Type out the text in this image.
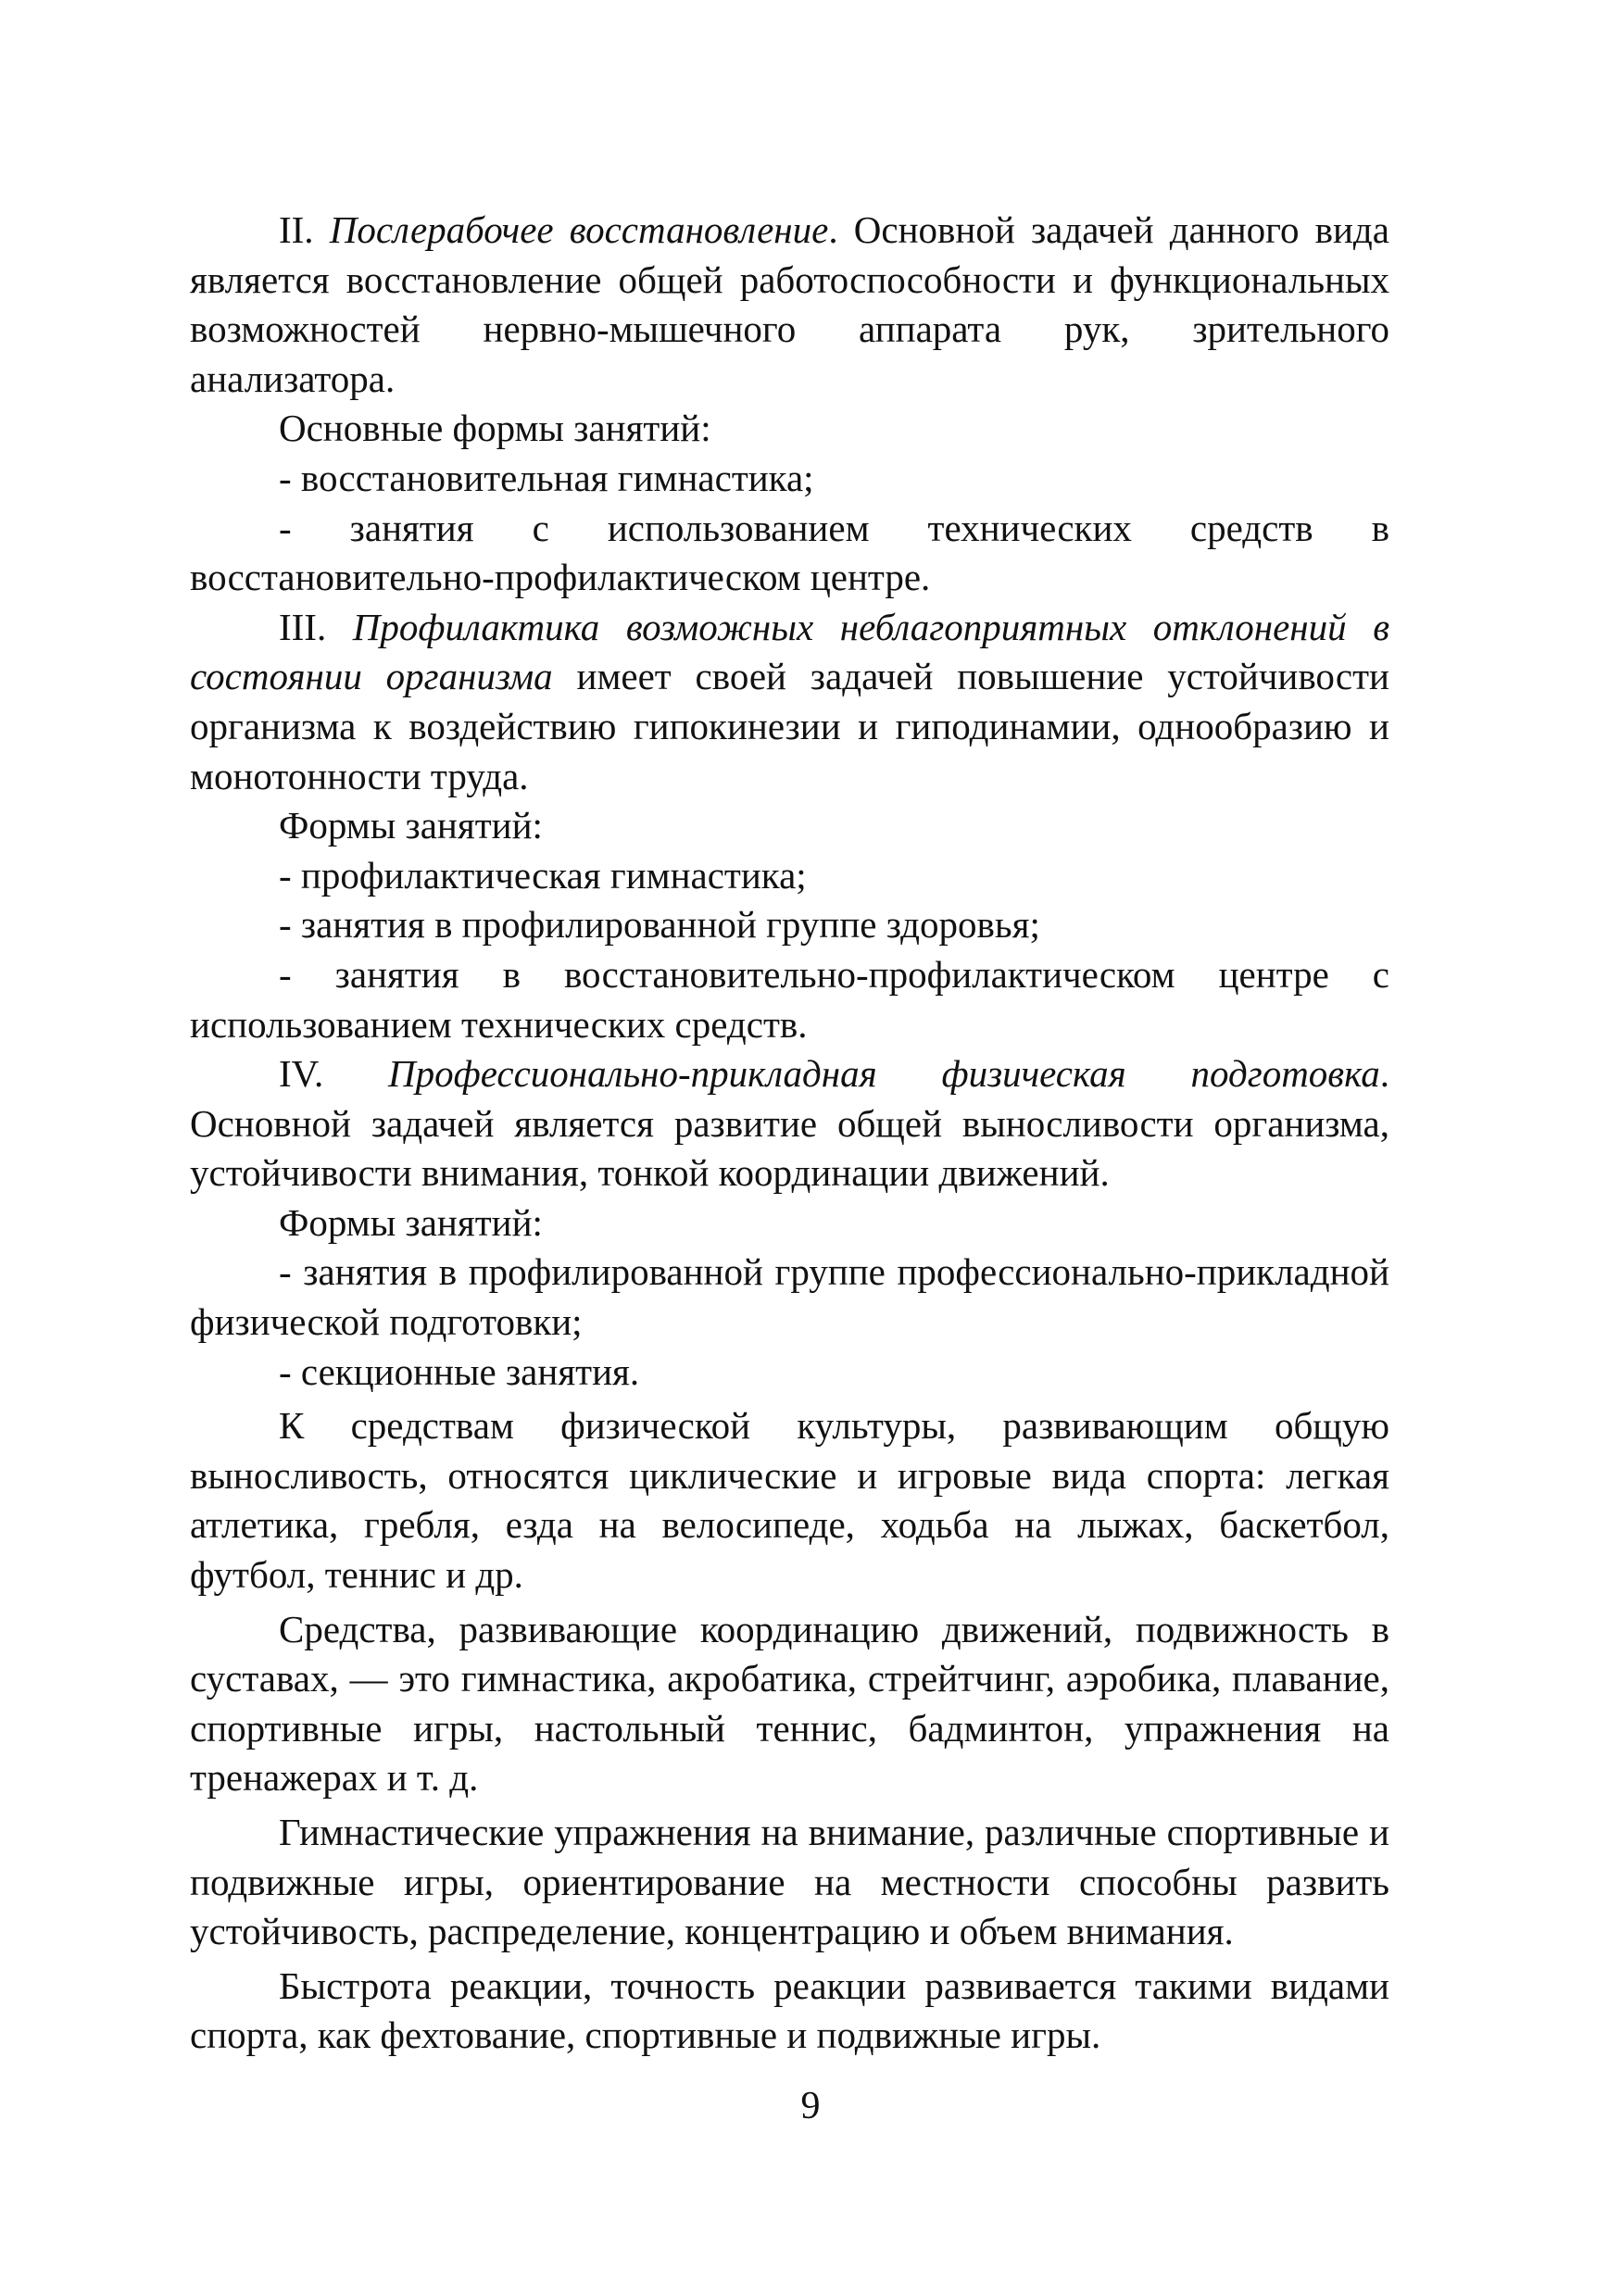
II. Послерабочее восстановление. Основной задачей данного вида является восстановление общей работоспособности и функциональных возможностей нервно-мышечного аппарата рук, зрительного анализатора.

Основные формы занятий:

- восстановительная гимнастика;

- занятия с использованием технических средств в восстановительно-профилактическом центре.

III. Профилактика возможных неблагоприятных отклонений в состоянии организма имеет своей задачей повышение устойчивости организма к воздействию гипокинезии и гиподинамии, однообразию и монотонности труда.

Формы занятий:

- профилактическая гимнастика;

- занятия в профилированной группе здоровья;

- занятия в восстановительно-профилактическом центре с использованием технических средств.

IV. Профессионально-прикладная физическая подготовка. Основной задачей является развитие общей выносливости организма, устойчивости внимания, тонкой координации движений.

Формы занятий:

- занятия в профилированной группе профессионально-прикладной физической подготовки;

- секционные занятия.

К средствам физической культуры, развивающим общую выносливость, относятся циклические и игровые вида спорта: легкая атлетика, гребля, езда на велосипеде, ходьба на лыжах, баскетбол, футбол, теннис и др.

Средства, развивающие координацию движений, подвижность в суставах, — это гимнастика, акробатика, стрейтчинг, аэробика, плавание, спортивные игры, настольный теннис, бадминтон, упражнения на тренажерах и т. д.

Гимнастические упражнения на внимание, различные спортивные и подвижные игры, ориентирование на местности способны развить устойчивость, распределение, концентрацию и объем внимания.

Быстрота реакции, точность реакции развивается такими видами спорта, как фехтование, спортивные и подвижные игры.

9
